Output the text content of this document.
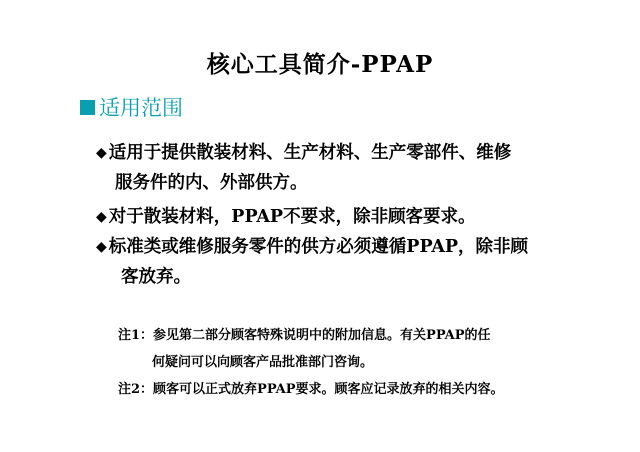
核心工具简介-PPAP
适用范围
◆ 适用于提供散装材料、生产材料、生产零部件、维修
服务件的内、外部供方。
◆ 对于散装材料，PPAP不要求，除非顾客要求。
◆ 标准类或维修服务零件的供方必须遵循PPAP，除非顾
客放弃。
注1：参见第二部分顾客特殊说明中的附加信息。有关PPAP的任
何疑问可以向顾客产品批准部门咨询。
注2：顾客可以正式放弃PPAP要求。顾客应记录放弃的相关内容。
